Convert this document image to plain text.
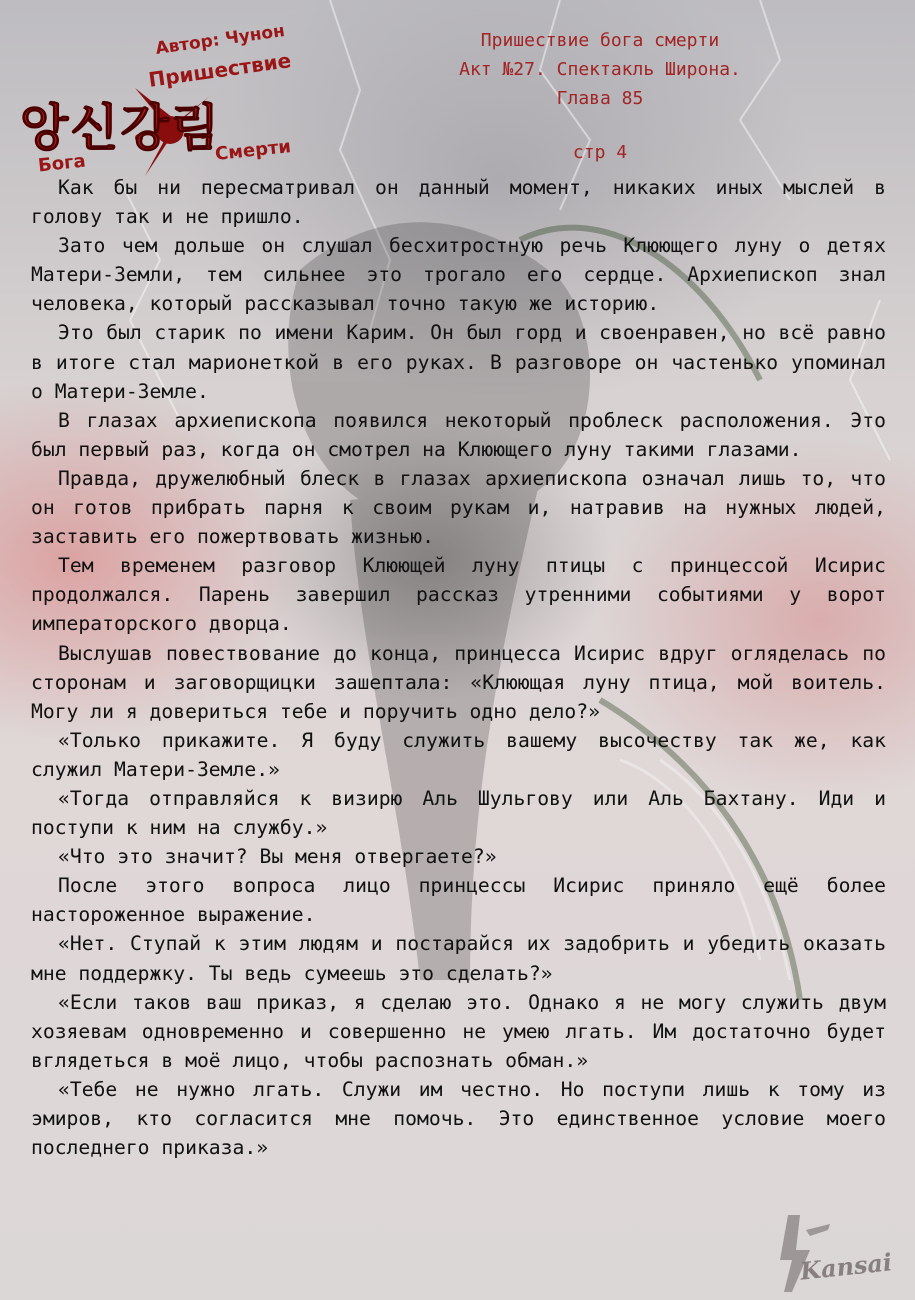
앙신강림
Автор: Чунон
Пришествие
Бога	Смерти
Пришествие бога смерти
Акт №27. Спектакль Широна.
Глава 85
стр 4

Как бы ни пересматривал он данный момент, никаких иных мыслей в голову так и не пришло.

Зато чем дольше он слушал бесхитростную речь Клюющего луну о детях Матери-Земли, тем сильнее это трогало его сердце. Архиепископ знал человека, который рассказывал точно такую же историю.

Это был старик по имени Карим. Он был горд и своенравен, но всё равно в итоге стал марионеткой в его руках. В разговоре он частенько упоминал о Матери-Земле.

В глазах архиепископа появился некоторый проблеск расположения. Это был первый раз, когда он смотрел на Клюющего луну такими глазами.

Правда, дружелюбный блеск в глазах архиепископа означал лишь то, что он готов прибрать парня к своим рукам и, натравив на нужных людей, заставить его пожертвовать жизнью.

Тем временем разговор Клюющей луну птицы с принцессой Исирис продолжался. Парень завершил рассказ утренними событиями у ворот императорского дворца.

Выслушав повествование до конца, принцесса Исирис вдруг огляделась по сторонам и заговорщицки зашептала: «Клюющая луну птица, мой воитель. Могу ли я довериться тебе и поручить одно дело?»

«Только прикажите. Я буду служить вашему высочеству так же, как служил Матери-Земле.»

«Тогда отправляйся к визирю Аль Шульгову или Аль Бахтану. Иди и поступи к ним на службу.»

«Что это значит? Вы меня отвергаете?»

После этого вопроса лицо принцессы Исирис приняло ещё более настороженное выражение.

«Нет. Ступай к этим людям и постарайся их задобрить и убедить оказать мне поддержку. Ты ведь сумеешь это сделать?»

«Если таков ваш приказ, я сделаю это. Однако я не могу служить двум хозяевам одновременно и совершенно не умею лгать. Им достаточно будет вглядеться в моё лицо, чтобы распознать обман.»

«Тебе не нужно лгать. Служи им честно. Но поступи лишь к тому из эмиров, кто согласится мне помочь. Это единственное условие моего последнего приказа.»

Kansai
